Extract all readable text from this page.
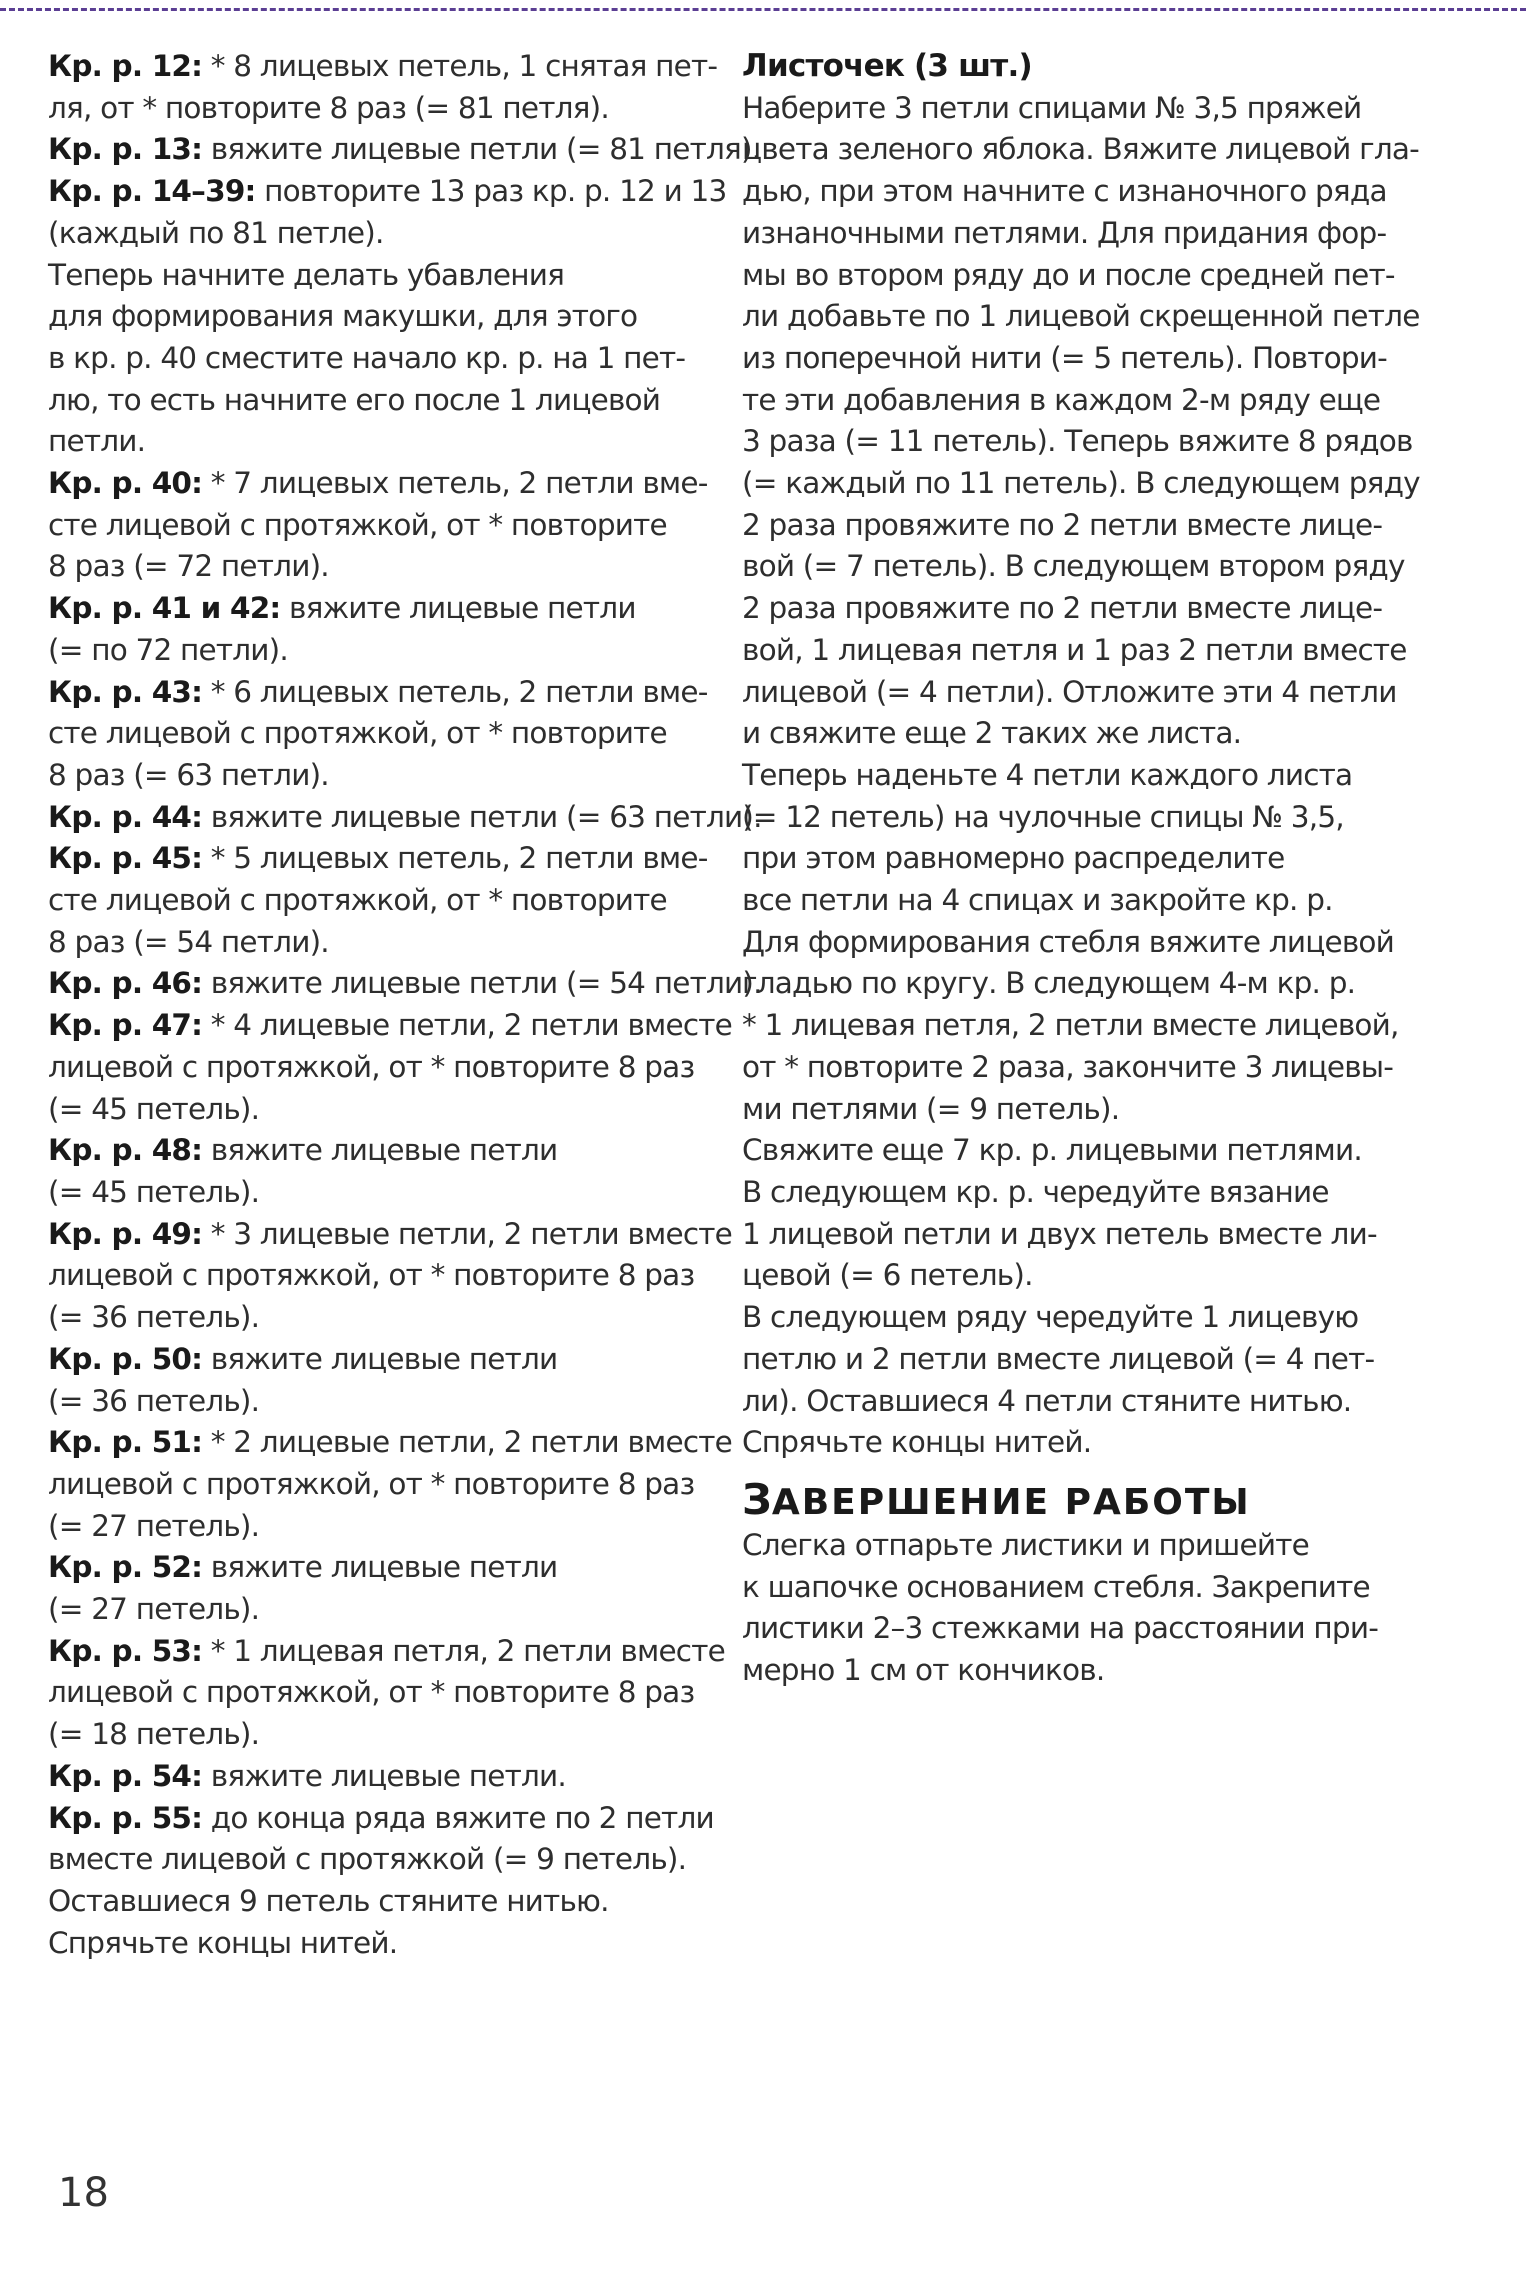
Кр. р. 12: * 8 лицевых петель, 1 снятая пет-
ля, от * повторите 8 раз (= 81 петля).
Кр. р. 13: вяжите лицевые петли (= 81 петля).
Кр. р. 14–39: повторите 13 раз кр. р. 12 и 13
(каждый по 81 петле).
Теперь начните делать убавления
для формирования макушки, для этого
в кр. р. 40 сместите начало кр. р. на 1 пет-
лю, то есть начните его после 1 лицевой
петли.
Кр. р. 40: * 7 лицевых петель, 2 петли вме-
сте лицевой с протяжкой, от * повторите
8 раз (= 72 петли).
Кр. р. 41 и 42: вяжите лицевые петли
(= по 72 петли).
Кр. р. 43: * 6 лицевых петель, 2 петли вме-
сте лицевой с протяжкой, от * повторите
8 раз (= 63 петли).
Кр. р. 44: вяжите лицевые петли (= 63 петли).
Кр. р. 45: * 5 лицевых петель, 2 петли вме-
сте лицевой с протяжкой, от * повторите
8 раз (= 54 петли).
Кр. р. 46: вяжите лицевые петли (= 54 петли).
Кр. р. 47: * 4 лицевые петли, 2 петли вместе
лицевой с протяжкой, от * повторите 8 раз
(= 45 петель).
Кр. р. 48: вяжите лицевые петли
(= 45 петель).
Кр. р. 49: * 3 лицевые петли, 2 петли вместе
лицевой с протяжкой, от * повторите 8 раз
(= 36 петель).
Кр. р. 50: вяжите лицевые петли
(= 36 петель).
Кр. р. 51: * 2 лицевые петли, 2 петли вместе
лицевой с протяжкой, от * повторите 8 раз
(= 27 петель).
Кр. р. 52: вяжите лицевые петли
(= 27 петель).
Кр. р. 53: * 1 лицевая петля, 2 петли вместе
лицевой с протяжкой, от * повторите 8 раз
(= 18 петель).
Кр. р. 54: вяжите лицевые петли.
Кр. р. 55: до конца ряда вяжите по 2 петли
вместе лицевой с протяжкой (= 9 петель).
Оставшиеся 9 петель стяните нитью.
Спрячьте концы нитей.
Листочек (3 шт.)
Наберите 3 петли спицами № 3,5 пряжей
цвета зеленого яблока. Вяжите лицевой гла-
дью, при этом начните с изнаночного ряда
изнаночными петлями. Для придания фор-
мы во втором ряду до и после средней пет-
ли добавьте по 1 лицевой скрещенной петле
из поперечной нити (= 5 петель). Повтори-
те эти добавления в каждом 2-м ряду еще
3 раза (= 11 петель). Теперь вяжите 8 рядов
(= каждый по 11 петель). В следующем ряду
2 раза провяжите по 2 петли вместе лице-
вой (= 7 петель). В следующем втором ряду
2 раза провяжите по 2 петли вместе лице-
вой, 1 лицевая петля и 1 раз 2 петли вместе
лицевой (= 4 петли). Отложите эти 4 петли
и свяжите еще 2 таких же листа.
Теперь наденьте 4 петли каждого листа
(= 12 петель) на чулочные спицы № 3,5,
при этом равномерно распределите
все петли на 4 спицах и закройте кр. р.
Для формирования стебля вяжите лицевой
гладью по кругу. В следующем 4-м кр. р.
* 1 лицевая петля, 2 петли вместе лицевой,
от * повторите 2 раза, закончите 3 лицевы-
ми петлями (= 9 петель).
Свяжите еще 7 кр. р. лицевыми петлями.
В следующем кр. р. чередуйте вязание
1 лицевой петли и двух петель вместе ли-
цевой (= 6 петель).
В следующем ряду чередуйте 1 лицевую
петлю и 2 петли вместе лицевой (= 4 пет-
ли). Оставшиеся 4 петли стяните нитью.
Спрячьте концы нитей.
ЗАВЕРШЕНИЕ РАБОТЫ
Слегка отпарьте листики и пришейте
к шапочке основанием стебля. Закрепите
листики 2–3 стежками на расстоянии при-
мерно 1 см от кончиков.
18
